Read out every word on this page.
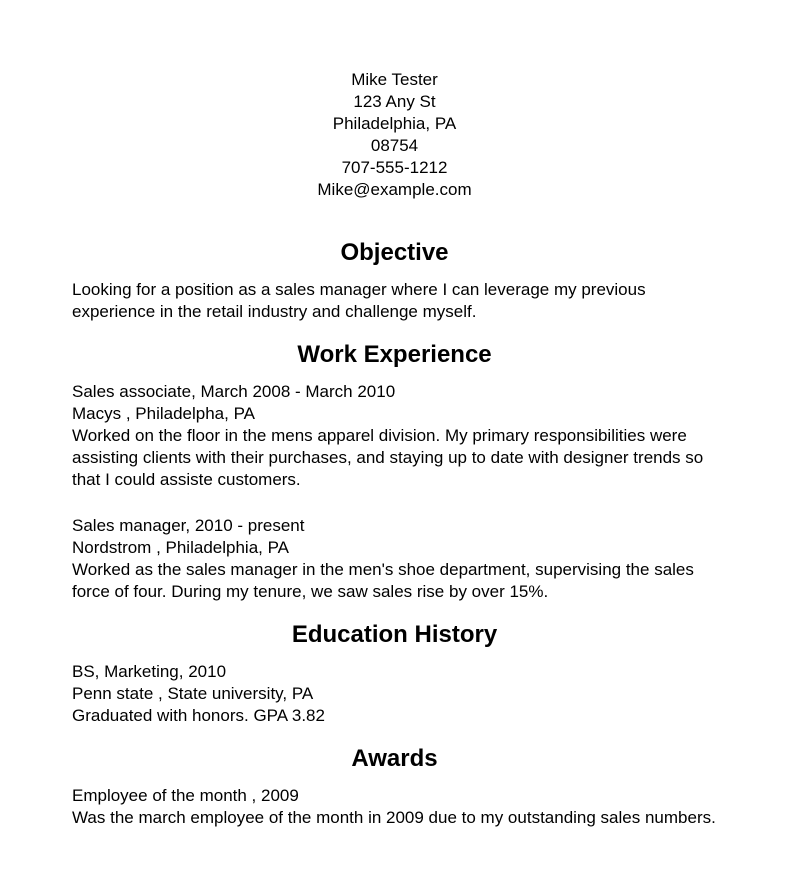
Mike Tester
123 Any St
Philadelphia, PA
08754
707-555-1212
Mike@example.com
Objective

Looking for a position as a sales manager where I can leverage my previous experience in the retail industry and challenge myself.

Work Experience

Sales associate, March 2008 - March 2010
Macys , Philadelpha, PA
Worked on the floor in the mens apparel division. My primary responsibilities were assisting clients with their purchases, and staying up to date with designer trends so that I could assiste customers.

Sales manager, 2010 - present
Nordstrom , Philadelphia, PA
Worked as the sales manager in the men's shoe department, supervising the sales force of four. During my tenure, we saw sales rise by over 15%.

Education History

BS, Marketing, 2010
Penn state , State university, PA
Graduated with honors. GPA 3.82

Awards

Employee of the month , 2009
Was the march employee of the month in 2009 due to my outstanding sales numbers.
